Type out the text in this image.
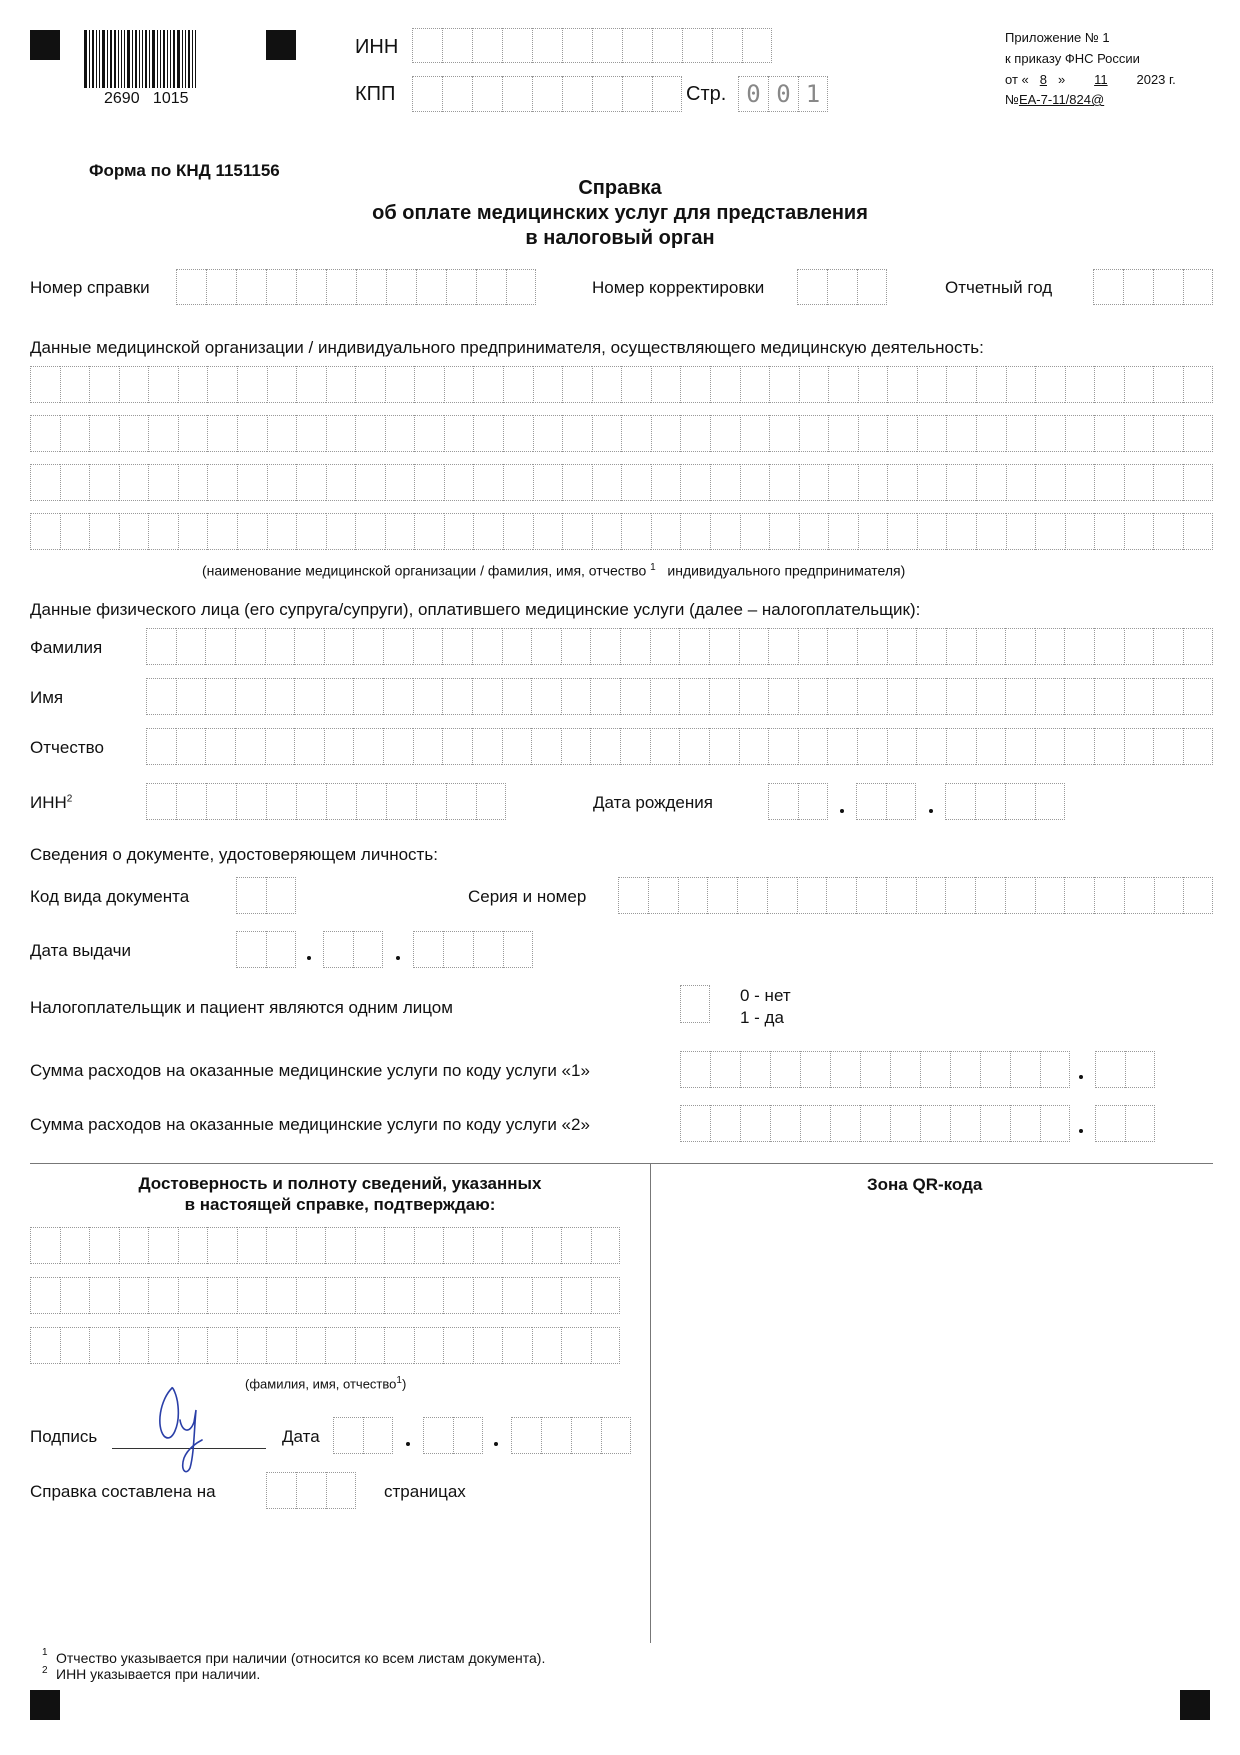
2690   1015
ИНН
КПП	Стр. 0 0 1
Приложение № 1
к приказу ФНС России
от « 8 » 11 2023 г.
№ЕА-7-11/824@
Форма по КНД 1151156
Справка
об оплате медицинских услуг для представления
в налоговый орган
Номер справки	Номер корректировки	Отчетный год
Данные медицинской организации / индивидуального предпринимателя, осуществляющего медицинскую деятельность:
(наименование медицинской организации / фамилия, имя, отчество $^1$ индивидуального предпринимателя)
Данные физического лица (его супруга/супруги), оплатившего медицинские услуги (далее – налогоплательщик):
Фамилия
Имя
Отчество
ИНН$^2$	Дата рождения
Сведения о документе, удостоверяющем личность:
Код вида документа	Серия и номер
Дата выдачи
Налогоплательщик и пациент являются одним лицом
0 - нет
1 - да
Сумма расходов на оказанные медицинские услуги по коду услуги «1»
Сумма расходов на оказанные медицинские услуги по коду услуги «2»
Достоверность и полноту сведений, указанных
в настоящей справке, подтверждаю:
Зона QR-кода
(фамилия, имя, отчество$^1$)
Подпись	Дата
Справка составлена на	страницах
1 Отчество указывается при наличии (относится ко всем листам документа).
2 ИНН указывается при наличии.
